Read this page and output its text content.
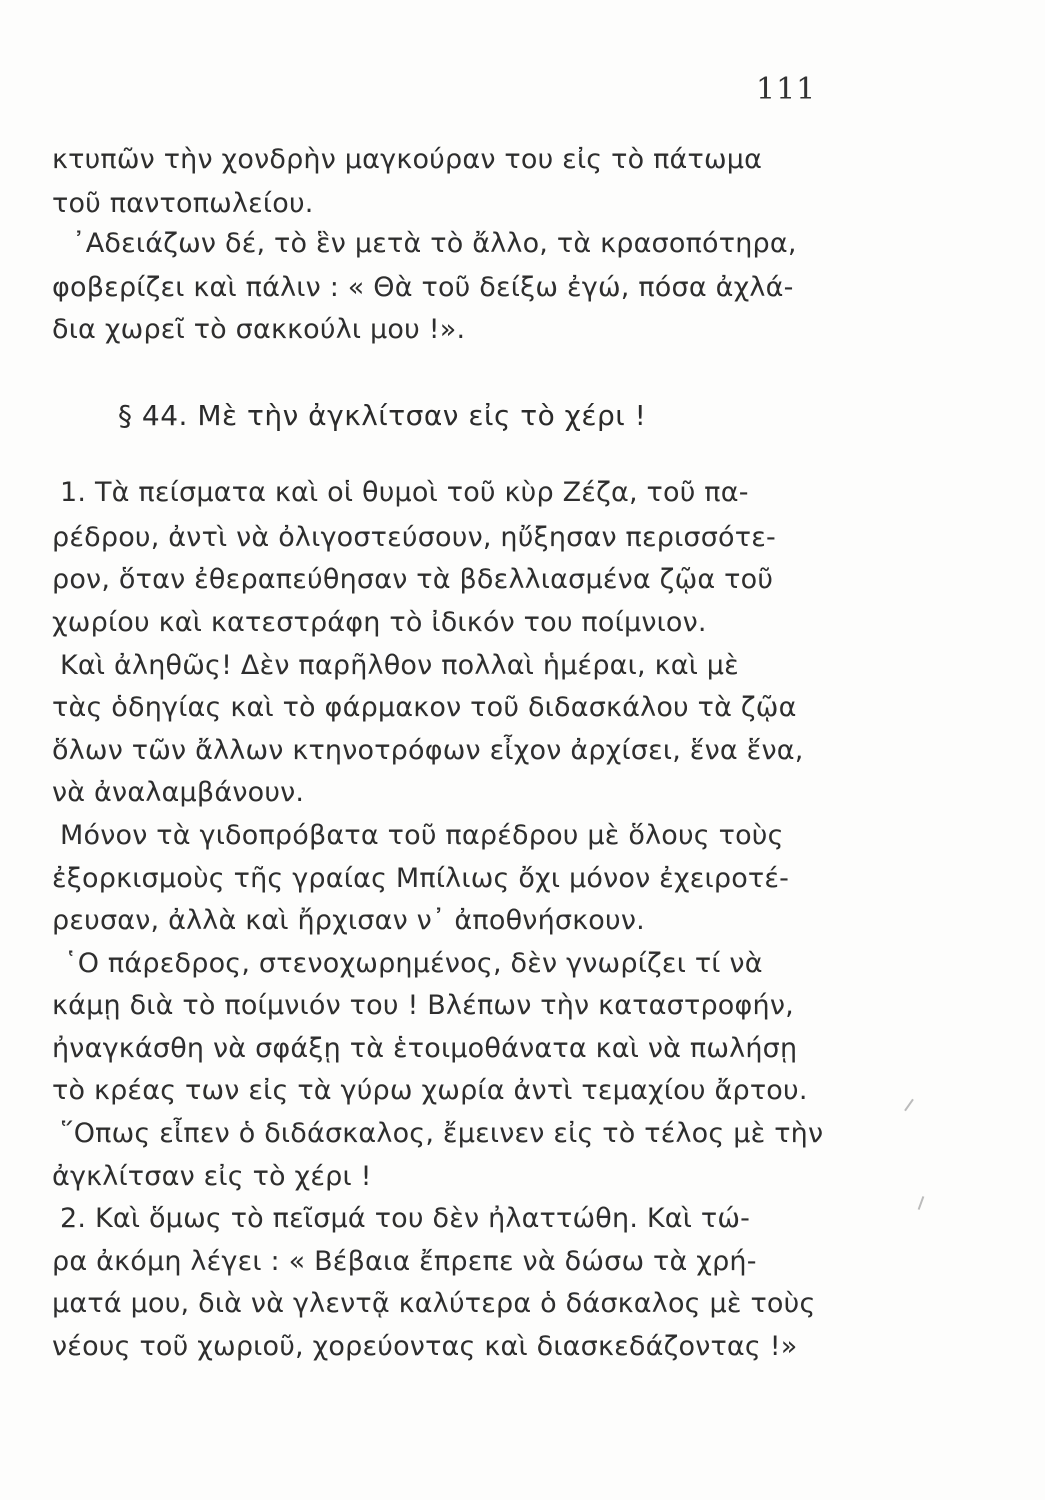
111
κτυπῶν τὴν χονδρὴν μαγκούραν του εἰς τὸ πάτωμα
τοῦ παντοπωλείου.
᾿Αδειάζων δέ, τὸ ἓν μετὰ τὸ ἄλλο, τὰ κρασοπότηρα,
φοβερίζει καὶ πάλιν : « Θὰ τοῦ δείξω ἐγώ, πόσα ἀχλά-
δια χωρεῖ τὸ σακκούλι μου !».
§ 44. Μὲ τὴν ἀγκλίτσαν εἰς τὸ χέρι !
1. Τὰ πείσματα καὶ οἱ θυμοὶ τοῦ κὺρ Ζέζα, τοῦ πα-
ρέδρου, ἀντὶ νὰ ὀλιγοστεύσουν, ηὔξησαν περισσότε-
ρον, ὅταν ἐθεραπεύθησαν τὰ βδελλιασμένα ζῷα τοῦ
χωρίου καὶ κατεστράφη τὸ ἰδικόν του ποίμνιον.
Καὶ ἀληθῶς! Δὲν παρῆλθον πολλαὶ ἡμέραι, καὶ μὲ
τὰς ὁδηγίας καὶ τὸ φάρμακον τοῦ διδασκάλου τὰ ζῷα
ὅλων τῶν ἄλλων κτηνοτρόφων εἶχον ἀρχίσει, ἕνα ἕνα,
νὰ ἀναλαμβάνουν.
Μόνον τὰ γιδοπρόβατα τοῦ παρέδρου μὲ ὅλους τοὺς
ἐξορκισμοὺς τῆς γραίας Μπίλιως ὄχι μόνον ἐχειροτέ-
ρευσαν, ἀλλὰ καὶ ἤρχισαν ν᾽ ἀποθνήσκουν.
῾Ο πάρεδρος, στενοχωρημένος, δὲν γνωρίζει τί νὰ
κάμῃ διὰ τὸ ποίμνιόν του ! Βλέπων τὴν καταστροφήν,
ἠναγκάσθη νὰ σφάξῃ τὰ ἑτοιμοθάνατα καὶ νὰ πωλήσῃ
τὸ κρέας των εἰς τὰ γύρω χωρία ἀντὶ τεμαχίου ἄρτου.
῞Οπως εἶπεν ὁ διδάσκαλος, ἔμεινεν εἰς τὸ τέλος μὲ τὴν
ἀγκλίτσαν εἰς τὸ χέρι !
2. Καὶ ὅμως τὸ πεῖσμά του δὲν ἠλαττώθη. Καὶ τώ-
ρα ἀκόμη λέγει : « Βέβαια ἔπρεπε νὰ δώσω τὰ χρή-
ματά μου, διὰ νὰ γλεντᾷ καλύτερα ὁ δάσκαλος μὲ τοὺς
νέους τοῦ χωριοῦ, χορεύοντας καὶ διασκεδάζοντας !»
